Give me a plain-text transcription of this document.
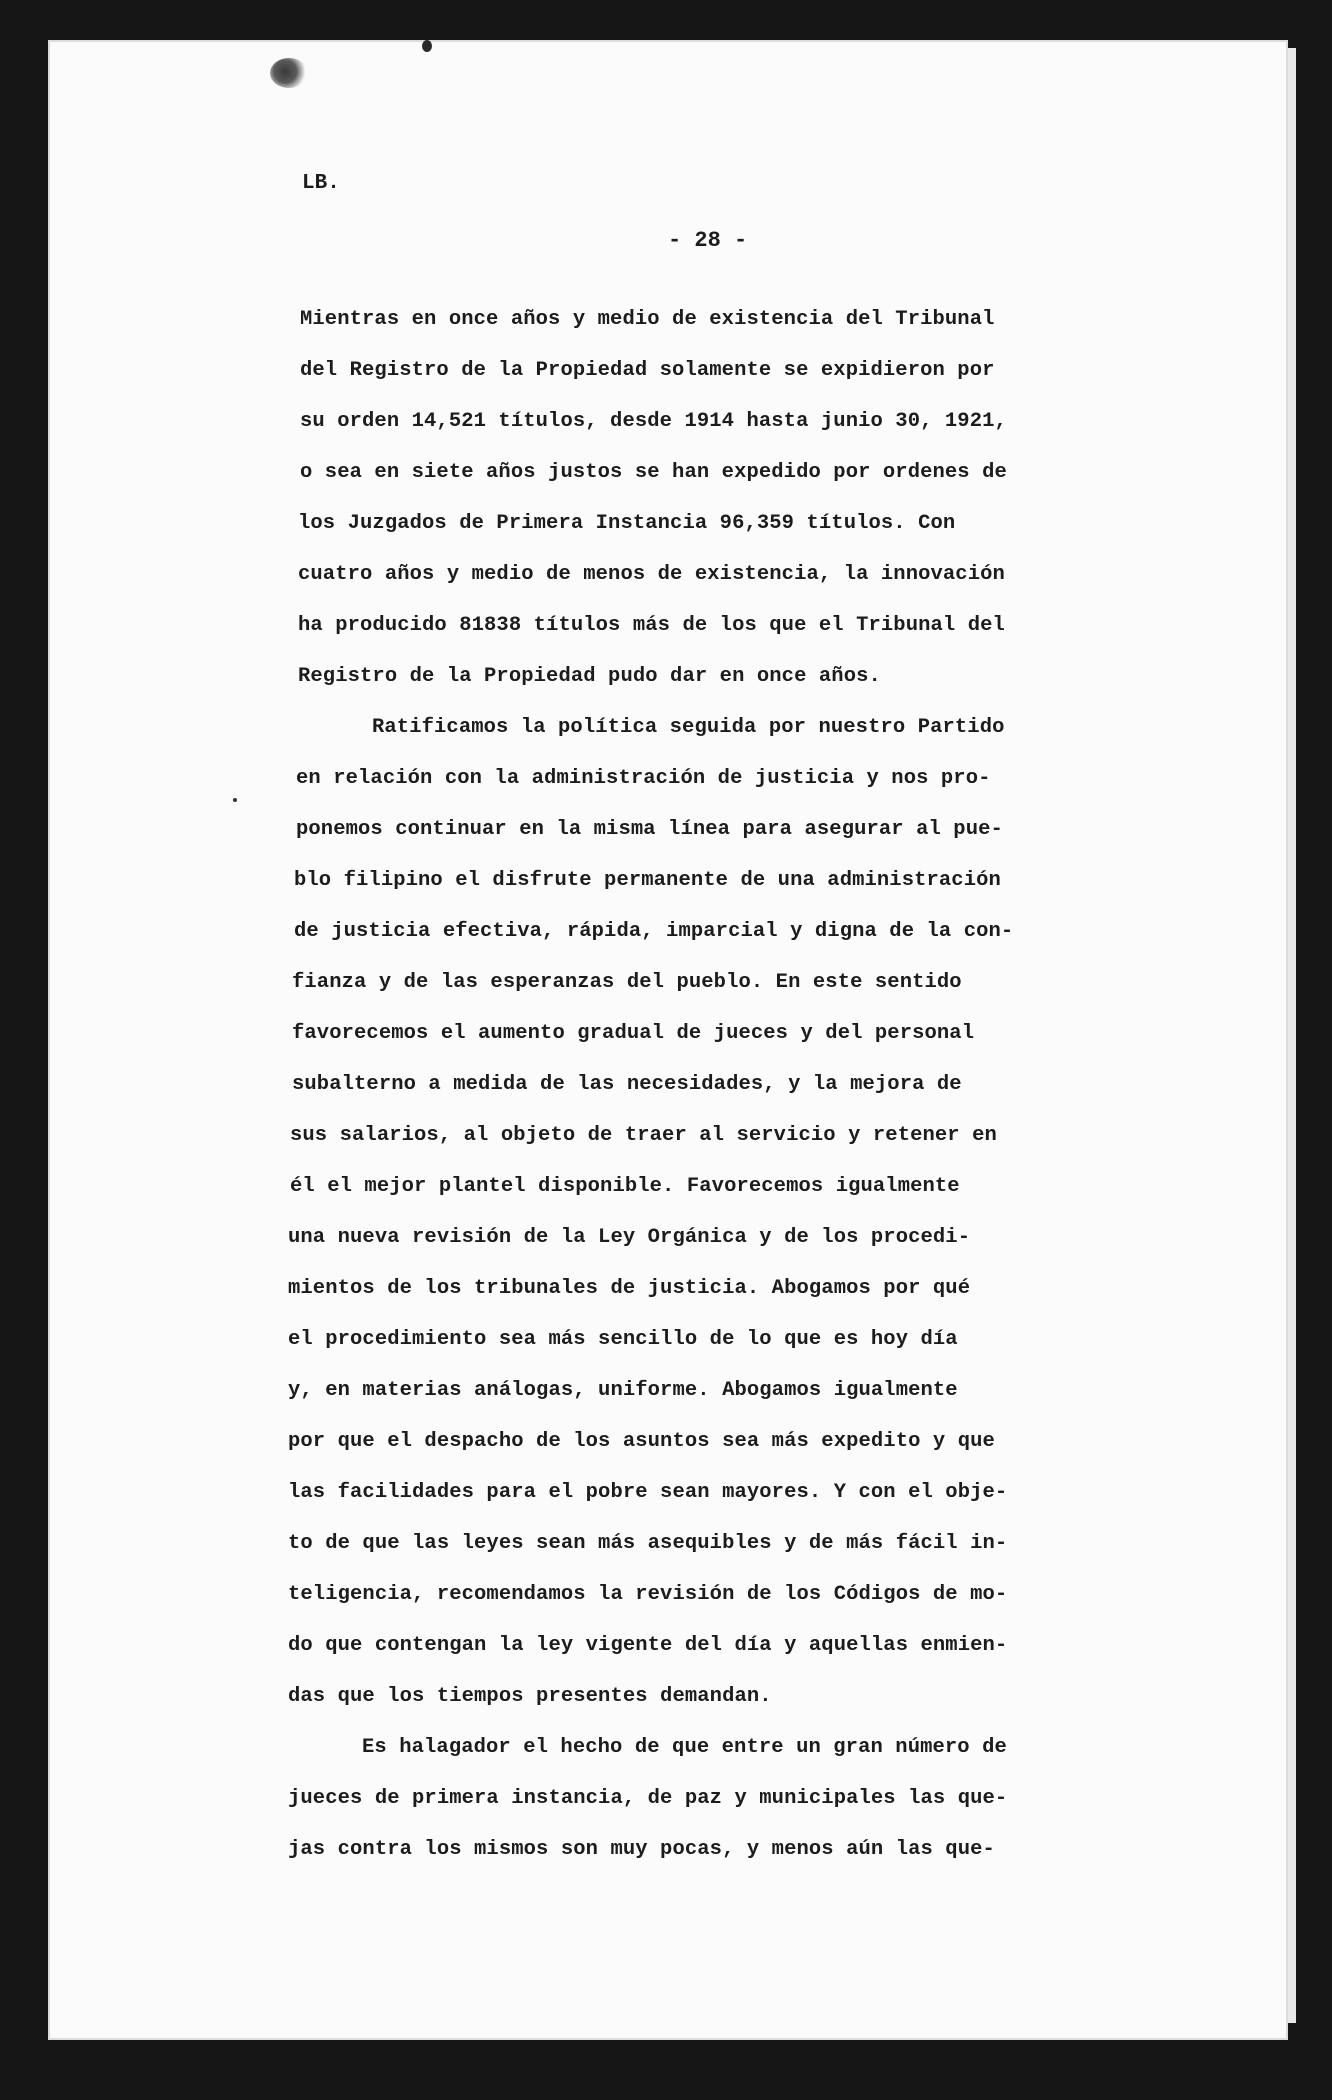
LB.
- 28 -
Mientras en once años y medio de existencia del Tribunal
del Registro de la Propiedad solamente se expidieron por
su orden 14,521 títulos, desde 1914 hasta junio 30, 1921,
o sea en siete años justos se han expedido por ordenes de
los Juzgados de Primera Instancia 96,359 títulos. Con
cuatro años y medio de menos de existencia, la innovación
ha producido 81838 títulos más de los que el Tribunal del
Registro de la Propiedad pudo dar en once años.
Ratificamos la política seguida por nuestro Partido
en relación con la administración de justicia y nos pro-
ponemos continuar en la misma línea para asegurar al pue-
blo filipino el disfrute permanente de una administración
de justicia efectiva, rápida, imparcial y digna de la con-
fianza y de las esperanzas del pueblo. En este sentido
favorecemos el aumento gradual de jueces y del personal
subalterno a medida de las necesidades, y la mejora de
sus salarios, al objeto de traer al servicio y retener en
él el mejor plantel disponible. Favorecemos igualmente
una nueva revisión de la Ley Orgánica y de los procedi-
mientos de los tribunales de justicia. Abogamos por qué
el procedimiento sea más sencillo de lo que es hoy día
y, en materias análogas, uniforme. Abogamos igualmente
por que el despacho de los asuntos sea más expedito y que
las facilidades para el pobre sean mayores. Y con el obje-
to de que las leyes sean más asequibles y de más fácil in-
teligencia, recomendamos la revisión de los Códigos de mo-
do que contengan la ley vigente del día y aquellas enmien-
das que los tiempos presentes demandan.
Es halagador el hecho de que entre un gran número de
jueces de primera instancia, de paz y municipales las que-
jas contra los mismos son muy pocas, y menos aún las que-
